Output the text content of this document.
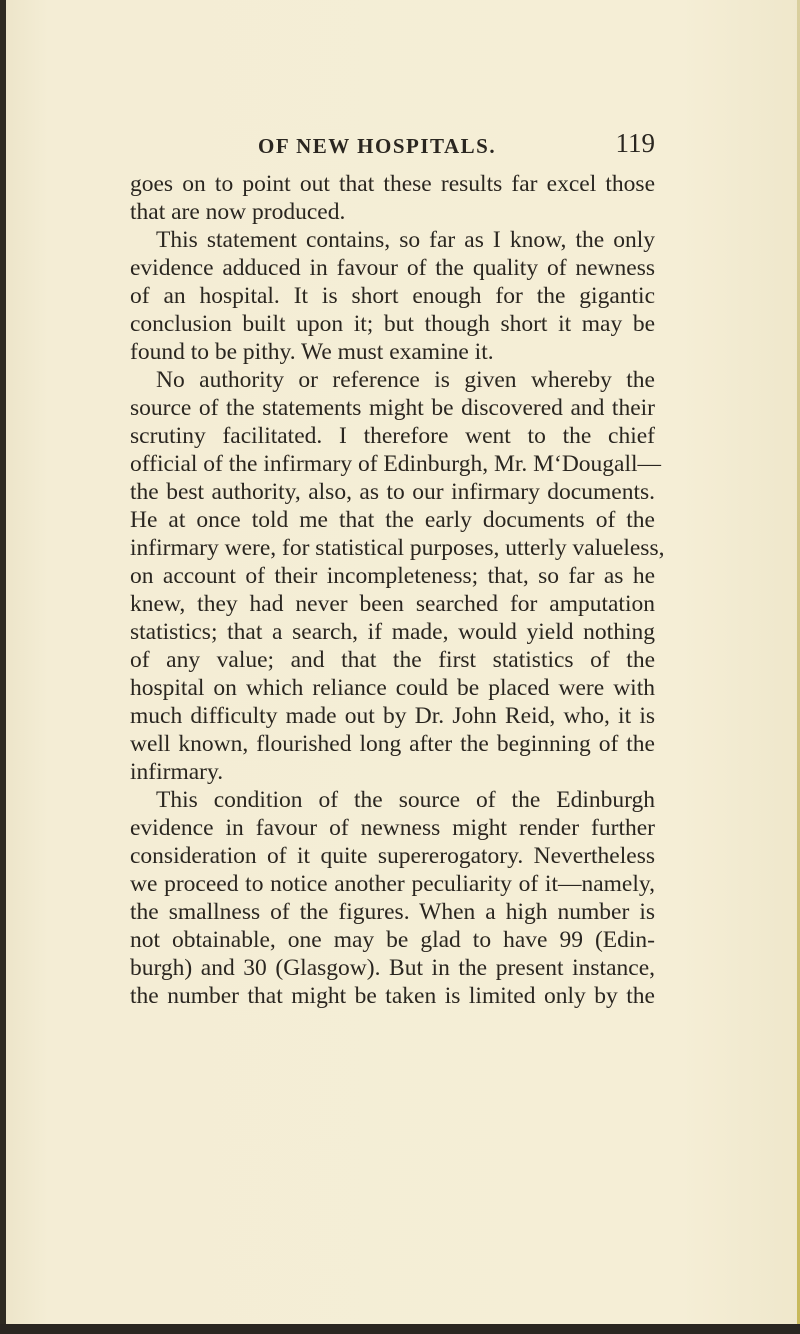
OF NEW HOSPITALS.	119
goes on to point out that these results far excel those
that are now produced.
This statement contains, so far as I know, the only
evidence adduced in favour of the quality of newness
of an hospital. It is short enough for the gigantic
conclusion built upon it; but though short it may be
found to be pithy. We must examine it.
No authority or reference is given whereby the
source of the statements might be discovered and their
scrutiny facilitated. I therefore went to the chief
official of the infirmary of Edinburgh, Mr. M‘Dougall—
the best authority, also, as to our infirmary documents.
He at once told me that the early documents of the
infirmary were, for statistical purposes, utterly valueless,
on account of their incompleteness; that, so far as he
knew, they had never been searched for amputation
statistics; that a search, if made, would yield nothing
of any value; and that the first statistics of the
hospital on which reliance could be placed were with
much difficulty made out by Dr. John Reid, who, it is
well known, flourished long after the beginning of the
infirmary.
This condition of the source of the Edinburgh
evidence in favour of newness might render further
consideration of it quite supererogatory. Nevertheless
we proceed to notice another peculiarity of it—namely,
the smallness of the figures. When a high number is
not obtainable, one may be glad to have 99 (Edin-
burgh) and 30 (Glasgow). But in the present instance,
the number that might be taken is limited only by the
